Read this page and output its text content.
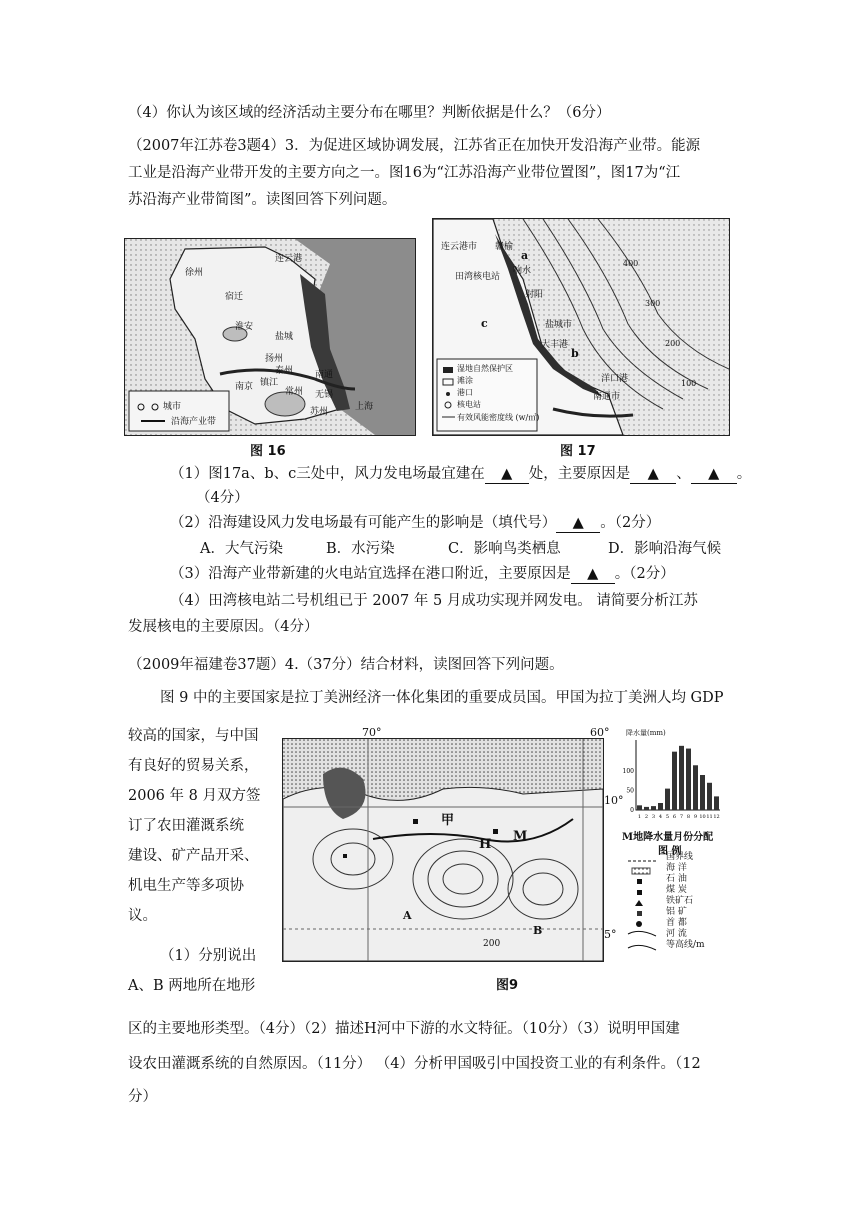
（4）你认为该区域的经济活动主要分布在哪里？判断依据是什么？（6分）
（2007年江苏卷3题4）3．为促进区域协调发展，江苏省正在加快开发沿海产业带。能源
工业是沿海产业带开发的主要方向之一。图16为“江苏沿海产业带位置图”，图17为“江
苏沿海产业带简图”。读图回答下列问题。
连云港
徐州
宿迁
淮安
盐城
扬州
泰州
南京 镇江
南通
常州 无锡
苏州	上海
城市
沿海产业带
图 16
连云港市
田湾核电站
赣榆
响水
射阳
盐城市
大丰港
洋口港
南通市
a
b
c
湿地自然保护区
滩涂
港口
核电站
有效风能密度线 (w/㎡)
400
300
200
100
图 17
（1）图17a、b、c三处中，风力发电场最宜建在 ▲ 处，主要原因是 ▲ 、 ▲ 。
（4分）
（2）沿海建设风力发电场最有可能产生的影响是（填代号） ▲ 。（2分）
A．大气污染	B．水污染	C．影响鸟类栖息	D．影响沿海气候
（3）沿海产业带新建的火电站宜选择在港口附近，主要原因是 ▲ 。（2分）
（4）田湾核电站二号机组已于 2007 年 5 月成功实现并网发电。 请简要分析江苏
发展核电的主要原因。（4分）
（2009年福建卷37题）4.（37分）结合材料，读图回答下列问题。
图 9 中的主要国家是拉丁美洲经济一体化集团的重要成员国。甲国为拉丁美洲人均 GDP
较高的国家，与中国
有良好的贸易关系，
2006 年 8 月双方签
订了农田灌溉系统
建设、矿产品开采、
机电生产等多项协
议。
（1）分别说出
A、B 两地所在地形
甲
H
M
A
B
200
70°	60°
10°
5°
降水量(mm)
1 2 3 4 5 6 7 8 9 10 11 12
0
50
100
M地降水量月份分配
图 例
国界线
海 洋
石 油
煤 炭
铁矿石
铝 矿
首 都
河 流
等高线/m
图9
区的主要地形类型。（4分）（2）描述H河中下游的水文特征。（10分）（3）说明甲国建
设农田灌溉系统的自然原因。（11分） （4）分析甲国吸引中国投资工业的有利条件。（12
分）
